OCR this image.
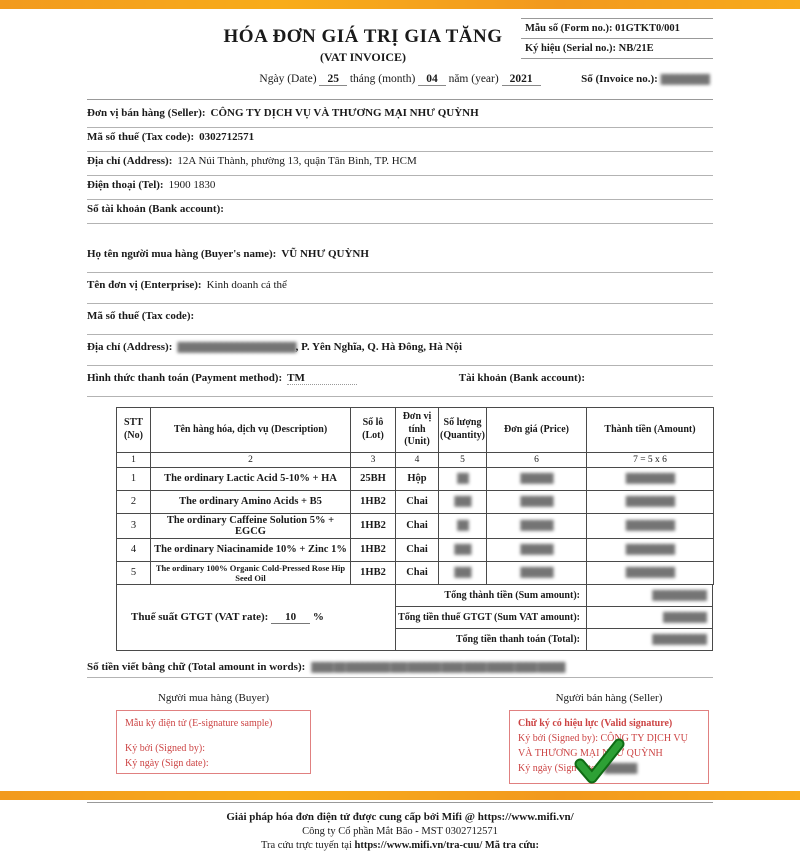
HÓA ĐƠN GIÁ TRỊ GIA TĂNG
(VAT INVOICE)
Mẫu số (Form no.): 01GTKT0/001
Ký hiệu (Serial no.): NB/21E
Ngày (Date) 25 tháng (month) 04 năm (year) 2021	Số (Invoice no.): █████████
Đơn vị bán hàng (Seller): CÔNG TY DỊCH VỤ VÀ THƯƠNG MẠI NHƯ QUỲNH
Mã số thuế (Tax code): 0302712571
Địa chỉ (Address): 12A Núi Thành, phường 13, quận Tân Bình, TP. HCM
Điện thoại (Tel): 1900 1830
Số tài khoản (Bank account):
Họ tên người mua hàng (Buyer's name): VŨ NHƯ QUỲNH
Tên đơn vị (Enterprise): Kinh doanh cá thể
Mã số thuế (Tax code):
Địa chỉ (Address): ██████████████████████ , P. Yên Nghĩa, Q. Hà Đông, Hà Nội
Hình thức thanh toán (Payment method): TM	Tài khoản (Bank account):
STT (No)	Tên hàng hóa, dịch vụ (Description)	Số lô (Lot)	Đơn vị tính (Unit)	Số lượng (Quantity)	Đơn giá (Price)	Thành tiền (Amount)
1	2	3	4	5	6	7 = 5 x 6
1	The ordinary Lactic Acid 5-10% + HA	25BH	Hộp	██	██████	█████████
2	The ordinary Amino Acids + B5	1HB2	Chai	███	██████	█████████
3	The ordinary Caffeine Solution 5% + EGCG	1HB2	Chai	██	██████	█████████
4	The ordinary Niacinamide 10% + Zinc 1%	1HB2	Chai	███	██████	█████████
5	The ordinary 100% Organic Cold-Pressed Rose Hip Seed Oil	1HB2	Chai	███	██████	█████████
Thuế suất GTGT (VAT rate):
	10
	%
Tổng thành tiền (Sum amount):	██████████
Tổng tiền thuế GTGT (Sum VAT amount):	████████
Tổng tiền thanh toán (Total):	██████████
Số tiền viết bằng chữ (Total amount in words): ████ ██ ████████ ███ ██████ ████ ████ █████ ████ █████
Người mua hàng (Buyer)	Người bán hàng (Seller)
Mẫu ký điện tử (E-signature sample)
Ký bởi (Signed by):
Ký ngày (Sign date):
Chữ ký có hiệu lực (Valid signature)
Ký bởi (Signed by): CÔNG TY DỊCH VỤ
VÀ THƯƠNG MẠI NHƯ QUỲNH
Ký ngày (Sign date): ██████
Giải pháp hóa đơn điện tử được cung cấp bởi Mifi @ https://www.mifi.vn/
Công ty Cổ phần Mắt Bão - MST 0302712571
Tra cứu trực tuyến tại https://www.mifi.vn/tra-cuu/ Mã tra cứu:
